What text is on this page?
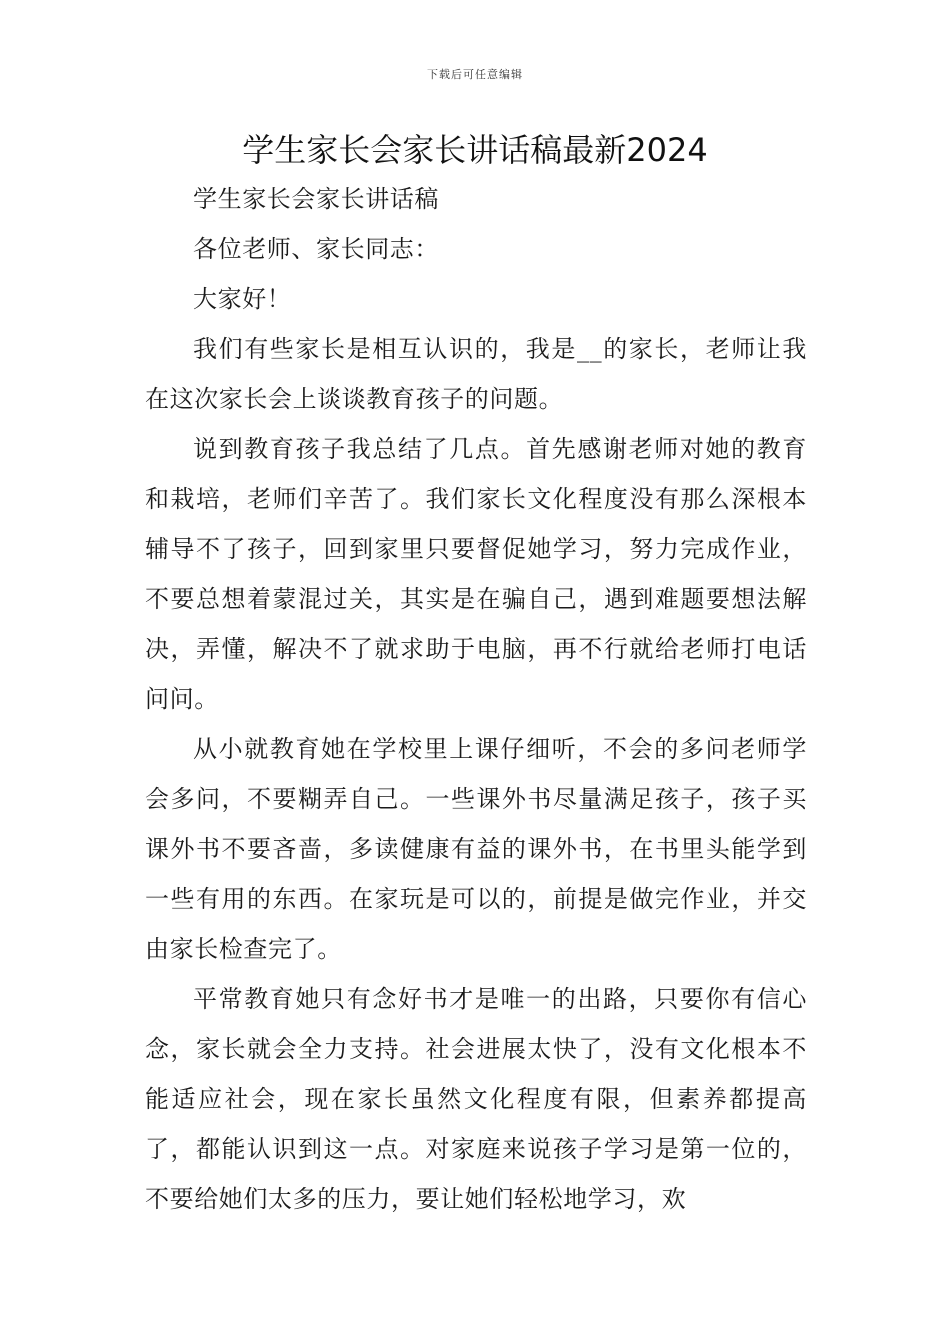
下载后可任意编辑
学生家长会家长讲话稿最新2024

学生家长会家长讲话稿

各位老师、家长同志：

大家好！

我们有些家长是相互认识的，我是__的家长，老师让我在这次家长会上谈谈教育孩子的问题。

说到教育孩子我总结了几点。首先感谢老师对她的教育和栽培，老师们辛苦了。我们家长文化程度没有那么深根本辅导不了孩子，回到家里只要督促她学习，努力完成作业，不要总想着蒙混过关，其实是在骗自己，遇到难题要想法解决，弄懂，解决不了就求助于电脑，再不行就给老师打电话问问。

从小就教育她在学校里上课仔细听，不会的多问老师学会多问，不要糊弄自己。一些课外书尽量满足孩子，孩子买课外书不要吝啬，多读健康有益的课外书，在书里头能学到一些有用的东西。在家玩是可以的，前提是做完作业，并交由家长检查完了。

平常教育她只有念好书才是唯一的出路，只要你有信心念，家长就会全力支持。社会进展太快了，没有文化根本不能适应社会，现在家长虽然文化程度有限，但素养都提高了，都能认识到这一点。对家庭来说孩子学习是第一位的，不要给她们太多的压力，要让她们轻松地学习，欢
